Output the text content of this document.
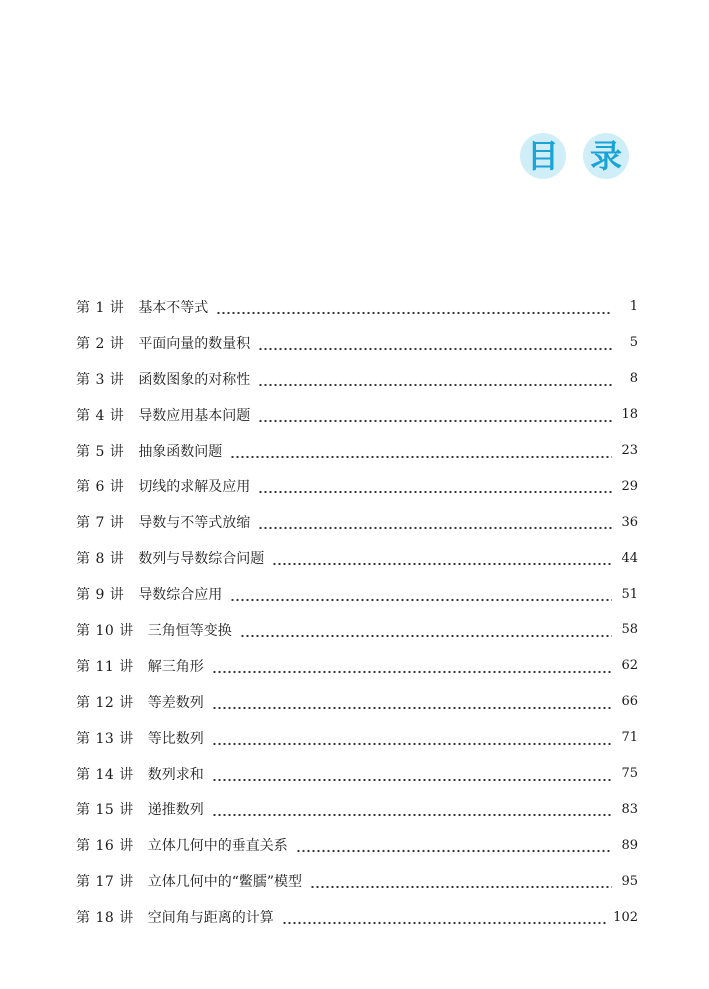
目 录
第 1 讲 基本不等式	1
第 2 讲 平面向量的数量积	5
第 3 讲 函数图象的对称性	8
第 4 讲 导数应用基本问题	18
第 5 讲 抽象函数问题	23
第 6 讲 切线的求解及应用	29
第 7 讲 导数与不等式放缩	36
第 8 讲 数列与导数综合问题	44
第 9 讲 导数综合应用	51
第 10 讲 三角恒等变换	58
第 11 讲 解三角形	62
第 12 讲 等差数列	66
第 13 讲 等比数列	71
第 14 讲 数列求和	75
第 15 讲 递推数列	83
第 16 讲 立体几何中的垂直关系	89
第 17 讲 立体几何中的“鳖臑”模型	95
第 18 讲 空间角与距离的计算	102
